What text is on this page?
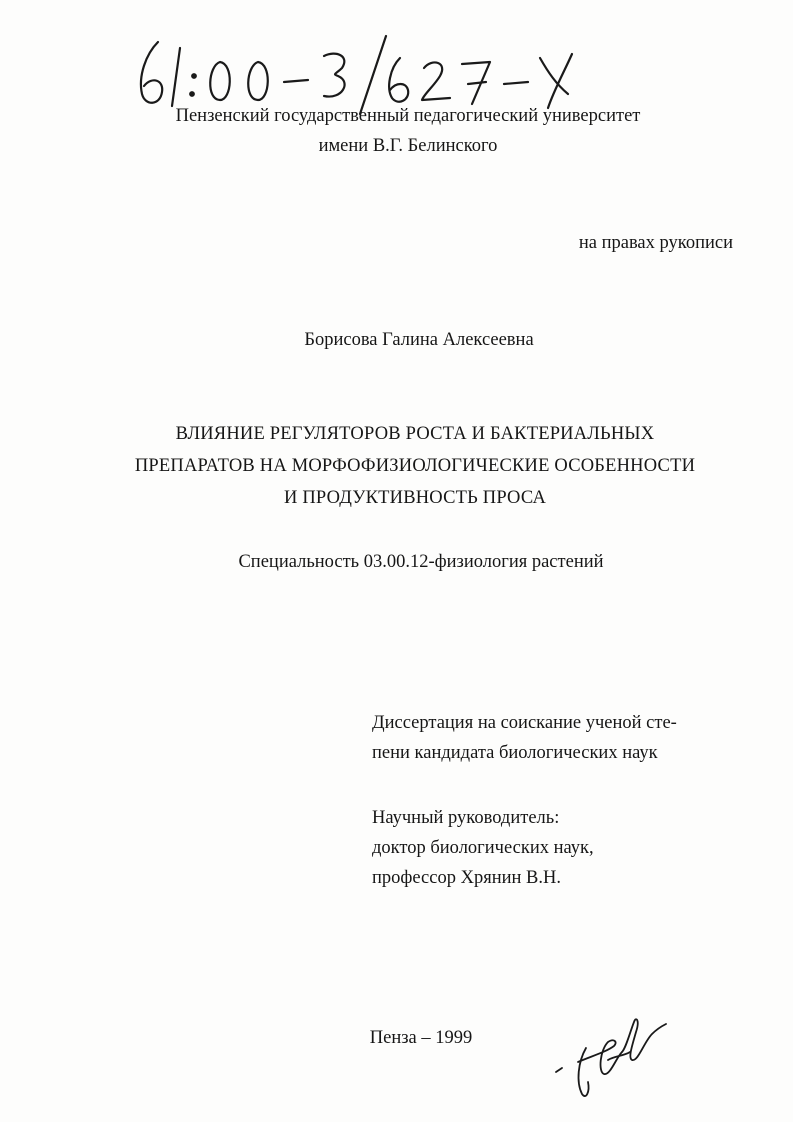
Пензенский государственный педагогический университет
имени В.Г. Белинского
на правах рукописи
Борисова Галина Алексеевна
ВЛИЯНИЕ РЕГУЛЯТОРОВ РОСТА И БАКТЕРИАЛЬНЫХ
ПРЕПАРАТОВ НА МОРФОФИЗИОЛОГИЧЕСКИЕ ОСОБЕННОСТИ
И ПРОДУКТИВНОСТЬ ПРОСА
Специальность 03.00.12-физиология растений
Диссертация на соискание ученой сте-
пени кандидата биологических наук
Научный руководитель:
доктор биологических наук,
профессор Хрянин В.Н.
Пенза – 1999
